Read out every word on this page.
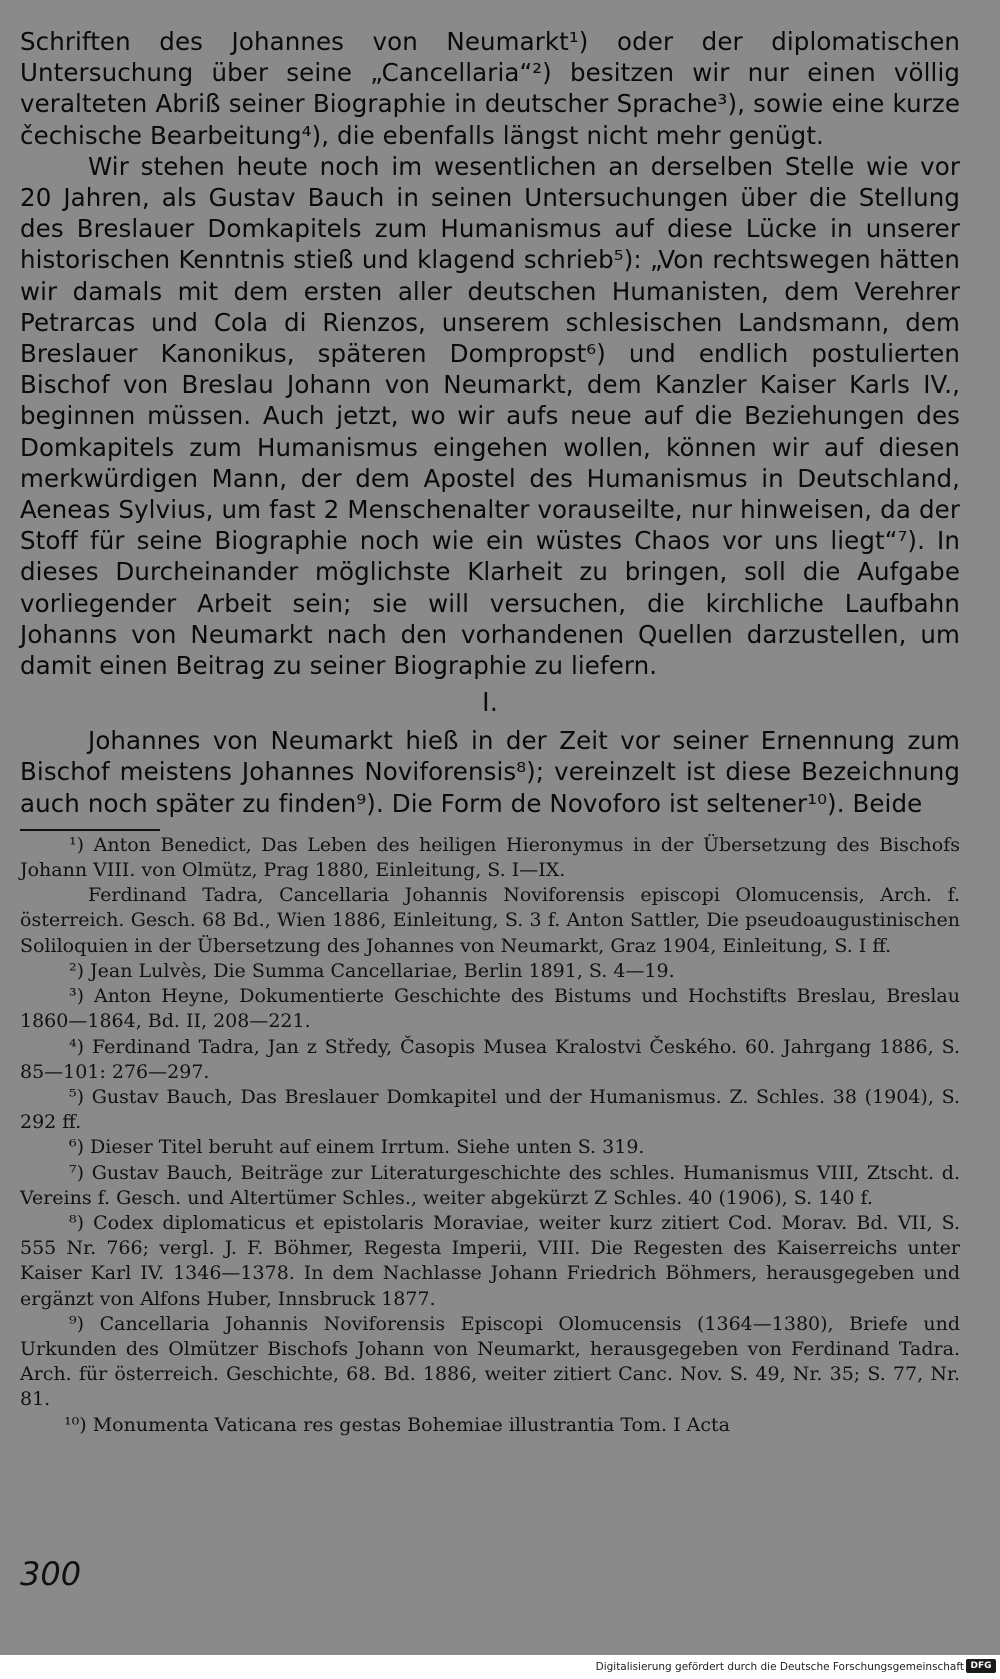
Schriften des Johannes von Neumarkt¹) oder der diplomatischen Untersuchung über seine „Cancellaria“²) besitzen wir nur einen völlig veralteten Abriß seiner Biographie in deutscher Sprache³), sowie eine kurze čechische Bearbeitung⁴), die ebenfalls längst nicht mehr genügt.

Wir stehen heute noch im wesentlichen an derselben Stelle wie vor 20 Jahren, als Gustav Bauch in seinen Untersuchungen über die Stellung des Breslauer Domkapitels zum Humanismus auf diese Lücke in unserer historischen Kenntnis stieß und klagend schrieb⁵): „Von rechtswegen hätten wir damals mit dem ersten aller deutschen Humanisten, dem Verehrer Petrarcas und Cola di Rienzos, unserem schlesischen Landsmann, dem Breslauer Kanonikus, späteren Dompropst⁶) und endlich postulierten Bischof von Breslau Johann von Neumarkt, dem Kanzler Kaiser Karls IV., beginnen müssen. Auch jetzt, wo wir aufs neue auf die Beziehungen des Domkapitels zum Humanismus eingehen wollen, können wir auf diesen merkwürdigen Mann, der dem Apostel des Humanismus in Deutschland, Aeneas Sylvius, um fast 2 Menschenalter vorauseilte, nur hinweisen, da der Stoff für seine Biographie noch wie ein wüstes Chaos vor uns liegt“⁷). In dieses Durcheinander möglichste Klarheit zu bringen, soll die Aufgabe vorliegender Arbeit sein; sie will versuchen, die kirchliche Laufbahn Johanns von Neumarkt nach den vorhandenen Quellen darzustellen, um damit einen Beitrag zu seiner Biographie zu liefern.

I.

Johannes von Neumarkt hieß in der Zeit vor seiner Ernennung zum Bischof meistens Johannes Noviforensis⁸); vereinzelt ist diese Bezeichnung auch noch später zu finden⁹). Die Form de Novoforo ist seltener¹⁰). Beide

¹) Anton Benedict, Das Leben des heiligen Hieronymus in der Übersetzung des Bischofs Johann VIII. von Olmütz, Prag 1880, Einleitung, S. I—IX.

Ferdinand Tadra, Cancellaria Johannis Noviforensis episcopi Olomucensis, Arch. f. österreich. Gesch. 68 Bd., Wien 1886, Einleitung, S. 3 f. Anton Sattler, Die pseudoaugustinischen Soliloquien in der Übersetzung des Johannes von Neumarkt, Graz 1904, Einleitung, S. I ff.

²) Jean Lulvès, Die Summa Cancellariae, Berlin 1891, S. 4—19.

³) Anton Heyne, Dokumentierte Geschichte des Bistums und Hochstifts Breslau, Breslau 1860—1864, Bd. II, 208—221.

⁴) Ferdinand Tadra, Jan z Středy, Časopis Musea Kralostvi Českého. 60. Jahrgang 1886, S. 85—101: 276—297.

⁵) Gustav Bauch, Das Breslauer Domkapitel und der Humanismus. Z. Schles. 38 (1904), S. 292 ff.

⁶) Dieser Titel beruht auf einem Irrtum. Siehe unten S. 319.

⁷) Gustav Bauch, Beiträge zur Literaturgeschichte des schles. Humanismus VIII, Ztscht. d. Vereins f. Gesch. und Altertümer Schles., weiter abgekürzt Z Schles. 40 (1906), S. 140 f.

⁸) Codex diplomaticus et epistolaris Moraviae, weiter kurz zitiert Cod. Morav. Bd. VII, S. 555 Nr. 766; vergl. J. F. Böhmer, Regesta Imperii, VIII. Die Regesten des Kaiserreichs unter Kaiser Karl IV. 1346—1378. In dem Nachlasse Johann Friedrich Böhmers, herausgegeben und ergänzt von Alfons Huber, Innsbruck 1877.

⁹) Cancellaria Johannis Noviforensis Episcopi Olomucensis (1364—1380), Briefe und Urkunden des Olmützer Bischofs Johann von Neumarkt, herausgegeben von Ferdinand Tadra. Arch. für österreich. Geschichte, 68. Bd. 1886, weiter zitiert Canc. Nov. S. 49, Nr. 35; S. 77, Nr. 81.

¹⁰) Monumenta Vaticana res gestas Bohemiae illustrantia Tom. I Acta

300
Digitalisierung gefördert durch die Deutsche Forschungsgemeinschaft DFG
